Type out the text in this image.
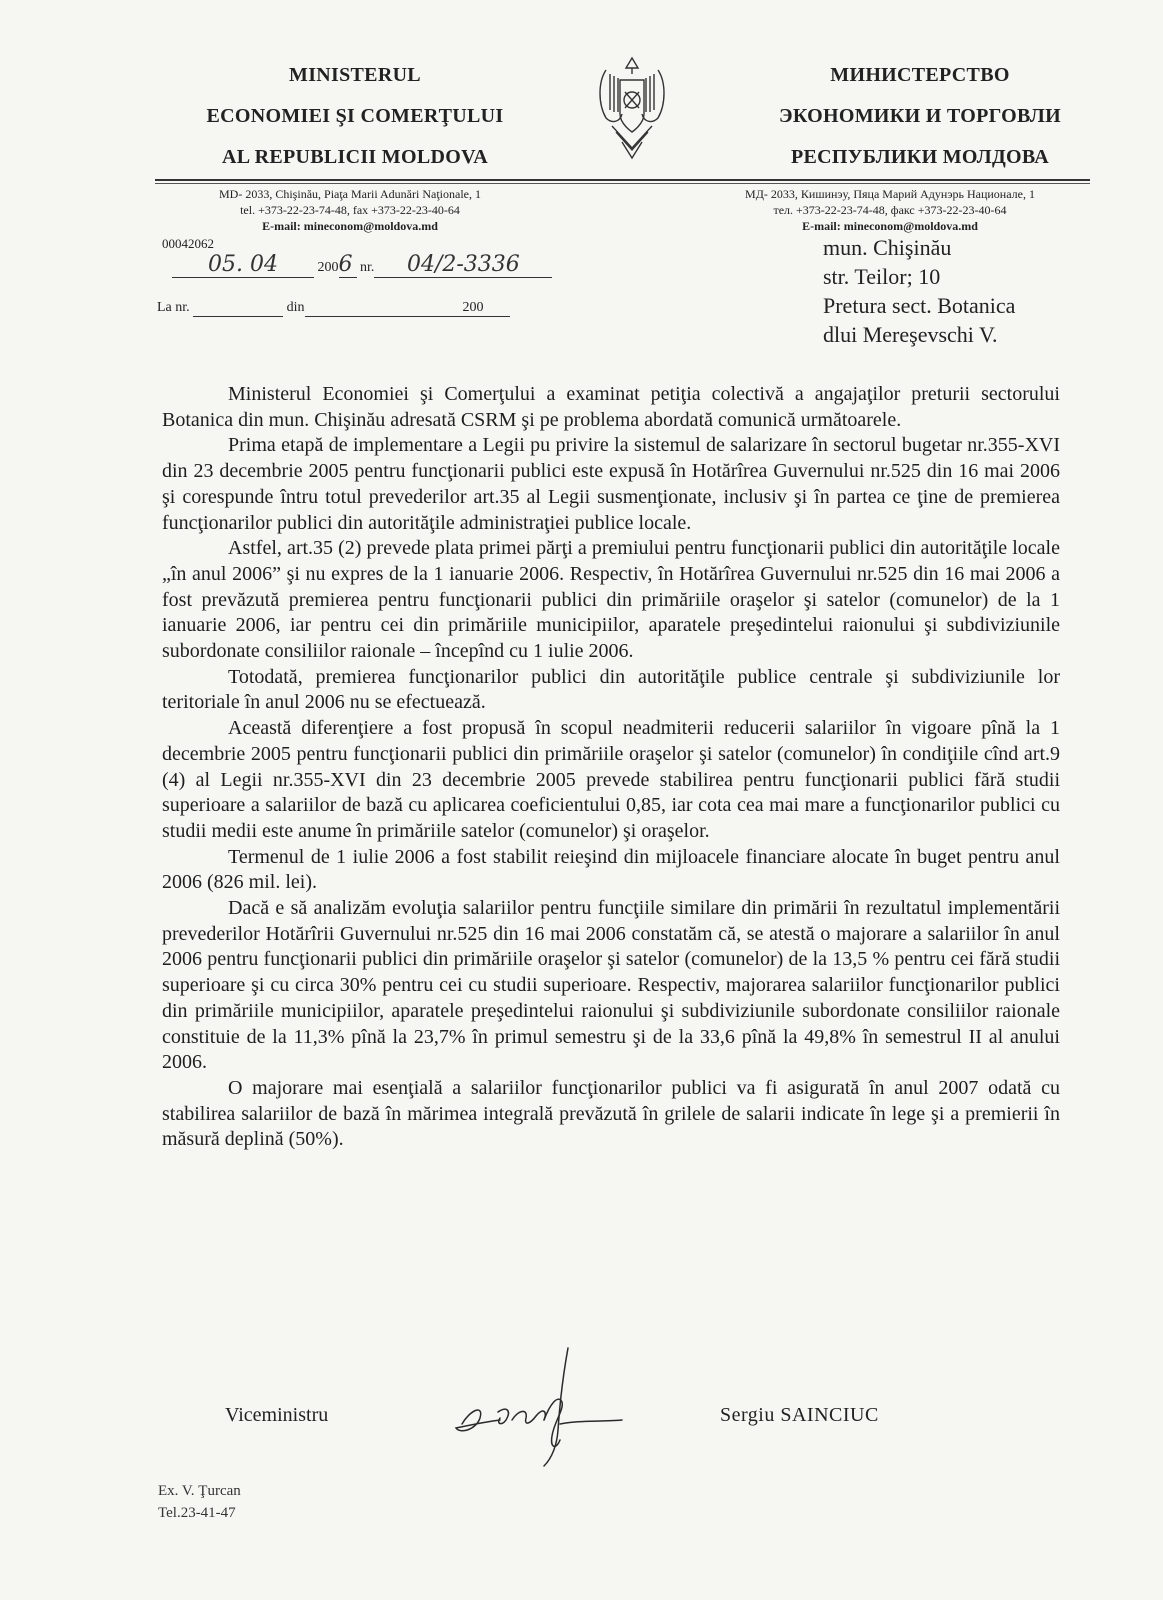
MINISTERUL
ECONOMIEI ŞI COMERŢULUI
AL REPUBLICII MOLDOVA
МИНИСТЕРСТВО
ЭКОНОМИКИ И ТОРГОВЛИ
РЕСПУБЛИКИ МОЛДОВА
MD- 2033, Chişinău, Piaţa Marii Adunări Naţionale, 1
tel. +373-22-23-74-48, fax +373-22-23-40-64
E-mail: mineconom@moldova.md
МД- 2033, Кишинэу, Пяца Марий Адунэрь Национале, 1
тел. +373-22-23-74-48, факс +373-22-23-40-64
E-mail: mineconom@moldova.md
00042062
05. 04	2006 nr. 04/2-3336
La nr.	din	200
mun. Chişinău
str. Teilor; 10
Pretura sect. Botanica
dlui Mereşevschi V.

Ministerul Economiei şi Comerţului a examinat petiţia colectivă a angajaţilor preturii sectorului Botanica din mun. Chişinău adresată CSRM şi pe problema abordată comunică următoarele.

Prima etapă de implementare a Legii pu privire la sistemul de salarizare în sectorul bugetar nr.355-XVI din 23 decembrie 2005 pentru funcţionarii publici este expusă în Hotărîrea Guvernului nr.525 din 16 mai 2006 şi corespunde întru totul prevederilor art.35 al Legii susmenţionate, inclusiv şi în partea ce ţine de premierea funcţionarilor publici din autorităţile administraţiei publice locale.

Astfel, art.35 (2) prevede plata primei părţi a premiului pentru funcţionarii publici din autorităţile locale „în anul 2006” şi nu expres de la 1 ianuarie 2006. Respectiv, în Hotărîrea Guvernului nr.525 din 16 mai 2006 a fost prevăzută premierea pentru funcţionarii publici din primăriile oraşelor şi satelor (comunelor) de la 1 ianuarie 2006, iar pentru cei din primăriile municipiilor, aparatele preşedintelui raionului şi subdiviziunile subordonate consiliilor raionale – începînd cu 1 iulie 2006.

Totodată, premierea funcţionarilor publici din autorităţile publice centrale şi subdiviziunile lor teritoriale în anul 2006 nu se efectuează.

Această diferenţiere a fost propusă în scopul neadmiterii reducerii salariilor în vigoare pînă la 1 decembrie 2005 pentru funcţionarii publici din primăriile oraşelor şi satelor (comunelor) în condiţiile cînd art.9 (4) al Legii nr.355-XVI din 23 decembrie 2005 prevede stabilirea pentru funcţionarii publici fără studii superioare a salariilor de bază cu aplicarea coeficientului 0,85, iar cota cea mai mare a funcţionarilor publici cu studii medii este anume în primăriile satelor (comunelor) şi oraşelor.

Termenul de 1 iulie 2006 a fost stabilit reieşind din mijloacele financiare alocate în buget pentru anul 2006 (826 mil. lei).

Dacă e să analizăm evoluţia salariilor pentru funcţiile similare din primării în rezultatul implementării prevederilor Hotărîrii Guvernului nr.525 din 16 mai 2006 constatăm că, se atestă o majorare a salariilor în anul 2006 pentru funcţionarii publici din primăriile oraşelor şi satelor (comunelor) de la 13,5 % pentru cei fără studii superioare şi cu circa 30% pentru cei cu studii superioare. Respectiv, majorarea salariilor funcţionarilor publici din primăriile municipiilor, aparatele preşedintelui raionului şi subdiviziunile subordonate consiliilor raionale constituie de la 11,3% pînă la 23,7% în primul semestru şi de la 33,6 pînă la 49,8% în semestrul II al anului 2006.

O majorare mai esenţială a salariilor funcţionarilor publici va fi asigurată în anul 2007 odată cu stabilirea salariilor de bază în mărimea integrală prevăzută în grilele de salarii indicate în lege şi a premierii în măsură deplină (50%).

Viceministru	Sergiu SAINCIUC
Ex. V. Ţurcan
Tel.23-41-47
